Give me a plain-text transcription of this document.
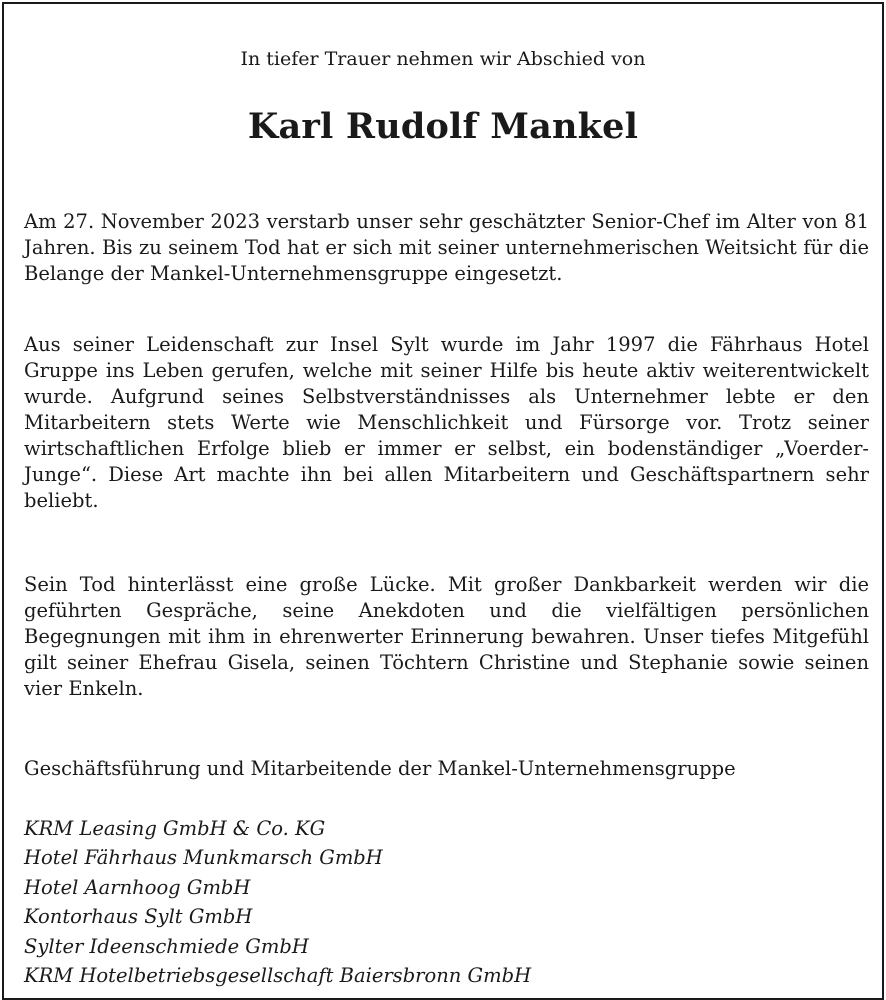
In tiefer Trauer nehmen wir Abschied von
Karl Rudolf Mankel

Am 27. November 2023 verstarb unser sehr geschätzter Senior-Chef im Alter von 81 Jahren. Bis zu seinem Tod hat er sich mit seiner unternehmerischen Weitsicht für die Belange der Mankel-Unternehmensgruppe eingesetzt.

Aus seiner Leidenschaft zur Insel Sylt wurde im Jahr 1997 die Fährhaus Hotel Gruppe ins Leben gerufen, welche mit seiner Hilfe bis heute aktiv weiterentwickelt wurde. Aufgrund seines Selbstverständnisses als Unternehmer lebte er den Mitarbeitern stets Werte wie Menschlichkeit und Fürsorge vor. Trotz seiner wirtschaftlichen Erfolge blieb er immer er selbst, ein bodenständiger „Voerder-Junge“. Diese Art machte ihn bei allen Mitarbeitern und Geschäftspartnern sehr beliebt.

Sein Tod hinterlässt eine große Lücke. Mit großer Dankbarkeit werden wir die geführten Gespräche, seine Anekdoten und die vielfältigen persönlichen Begegnungen mit ihm in ehrenwerter Erinnerung bewahren. Unser tiefes Mitgefühl gilt seiner Ehefrau Gisela, seinen Töchtern Christine und Stephanie sowie seinen vier Enkeln.

Geschäftsführung und Mitarbeitende der Mankel-Unternehmensgruppe

KRM Leasing GmbH & Co. KG
Hotel Fährhaus Munkmarsch GmbH
Hotel Aarnhoog GmbH
Kontorhaus Sylt GmbH
Sylter Ideenschmiede GmbH
KRM Hotelbetriebsgesellschaft Baiersbronn GmbH
